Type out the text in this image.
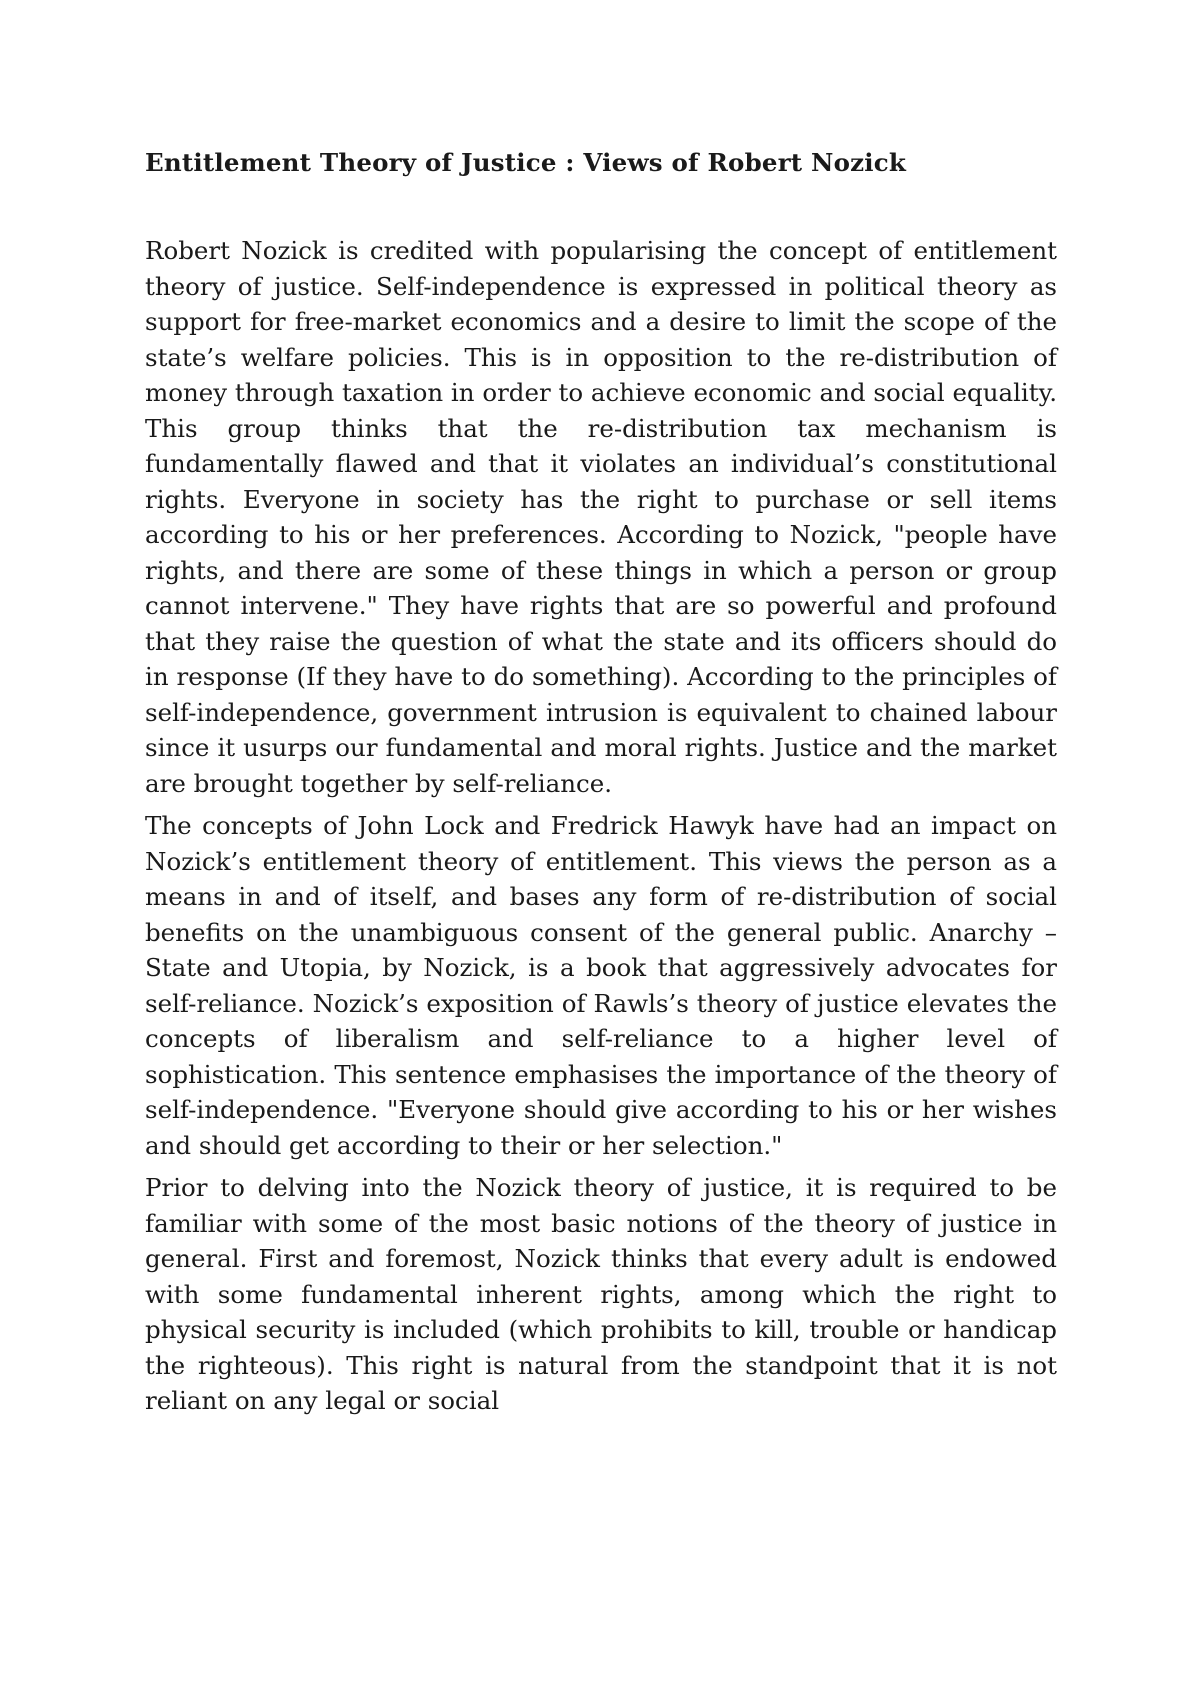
Entitlement Theory of Justice : Views of Robert Nozick

Robert Nozick is credited with popularising the concept of entitlement theory of justice. Self-independence is expressed in political theory as support for free-market economics and a desire to limit the scope of the state’s welfare policies. This is in opposition to the re-distribution of money through taxation in order to achieve economic and social equality. This group thinks that the re-distribution tax mechanism is fundamentally flawed and that it violates an individual’s constitutional rights. Everyone in society has the right to purchase or sell items according to his or her preferences. According to Nozick, "people have rights, and there are some of these things in which a person or group cannot intervene." They have rights that are so powerful and profound that they raise the question of what the state and its officers should do in response (If they have to do something). According to the principles of self-independence, government intrusion is equivalent to chained labour since it usurps our fundamental and moral rights. Justice and the market are brought together by self-reliance.

The concepts of John Lock and Fredrick Hawyk have had an impact on Nozick’s entitlement theory of entitlement. This views the person as a means in and of itself, and bases any form of re-distribution of social benefits on the unambiguous consent of the general public. Anarchy – State and Utopia, by Nozick, is a book that aggressively advocates for self-reliance. Nozick’s exposition of Rawls’s theory of justice elevates the concepts of liberalism and self-reliance to a higher level of sophistication. This sentence emphasises the importance of the theory of self-independence. "Everyone should give according to his or her wishes and should get according to their or her selection."

Prior to delving into the Nozick theory of justice, it is required to be familiar with some of the most basic notions of the theory of justice in general. First and foremost, Nozick thinks that every adult is endowed with some fundamental inherent rights, among which the right to physical security is included (which prohibits to kill, trouble or handicap the righteous). This right is natural from the standpoint that it is not reliant on any legal or social
